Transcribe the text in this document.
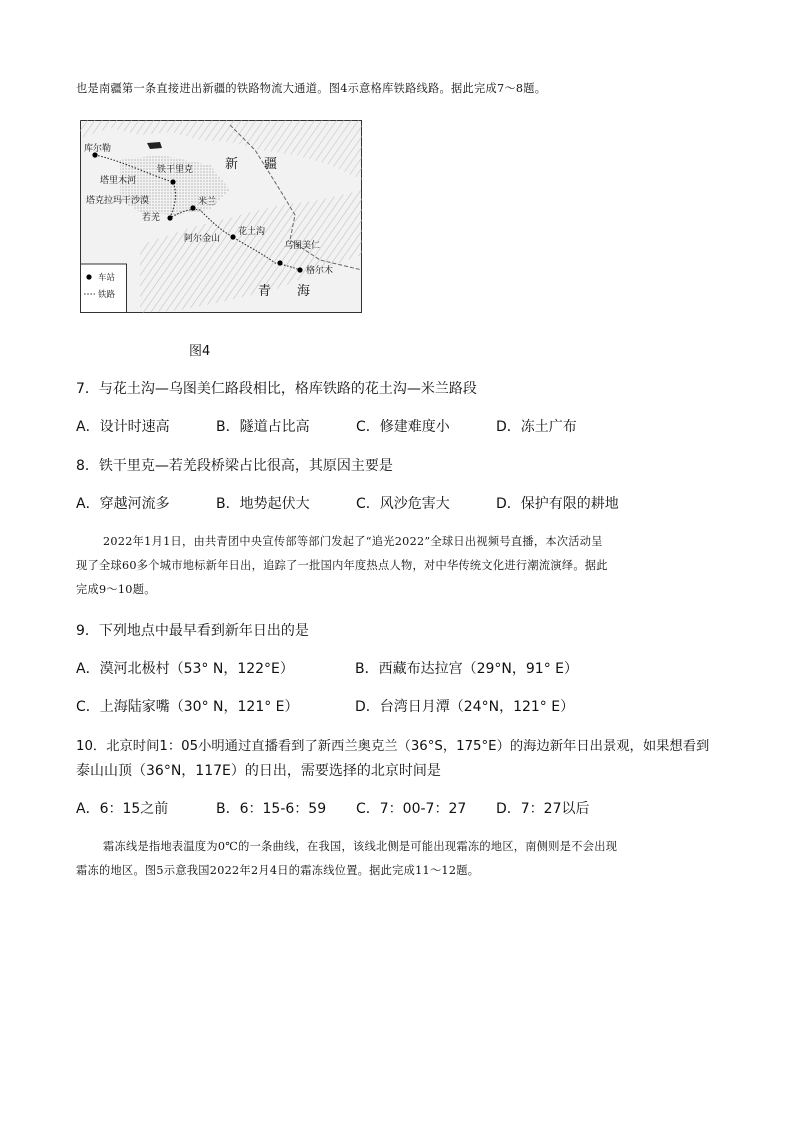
也是南疆第一条直接进出新疆的铁路物流大通道。图4示意格库铁路线路。据此完成7～8题。
库尔勒
铁干里克
若羌
米兰
花土沟
乌图美仁
格尔木
塔里木河
塔克拉玛干沙漠
阿尔金山
新　　疆
青　　海
车站
铁路
图4
7．与花土沟—乌图美仁路段相比，格库铁路的花土沟—米兰路段
A．设计时速高	B．隧道占比高	C．修建难度小	D．冻土广布
8．铁干里克—若羌段桥梁占比很高，其原因主要是
A．穿越河流多	B．地势起伏大	C．风沙危害大	D．保护有限的耕地
2022年1月1日，由共青团中央宣传部等部门发起了“追光2022”全球日出视频号直播，本次活动呈
现了全球60多个城市地标新年日出，追踪了一批国内年度热点人物，对中华传统文化进行潮流演绎。据此
完成9～10题。
9．下列地点中最早看到新年日出的是
A．漠河北极村（53° N，122°E）	B．西藏布达拉宫（29°N，91° E）
C．上海陆家嘴（30° N，121° E）	D．台湾日月潭（24°N，121° E）
10．北京时间1：05小明通过直播看到了新西兰奥克兰（36°S，175°E）的海边新年日出景观，如果想看到
泰山山顶（36°N，117E）的日出，需要选择的北京时间是
A．6：15之前	B．6：15-6：59 C．7：00-7：27 D．7：27以后
霜冻线是指地表温度为0℃的一条曲线，在我国，该线北侧是可能出现霜冻的地区，南侧则是不会出现
霜冻的地区。图5示意我国2022年2月4日的霜冻线位置。据此完成11～12题。
